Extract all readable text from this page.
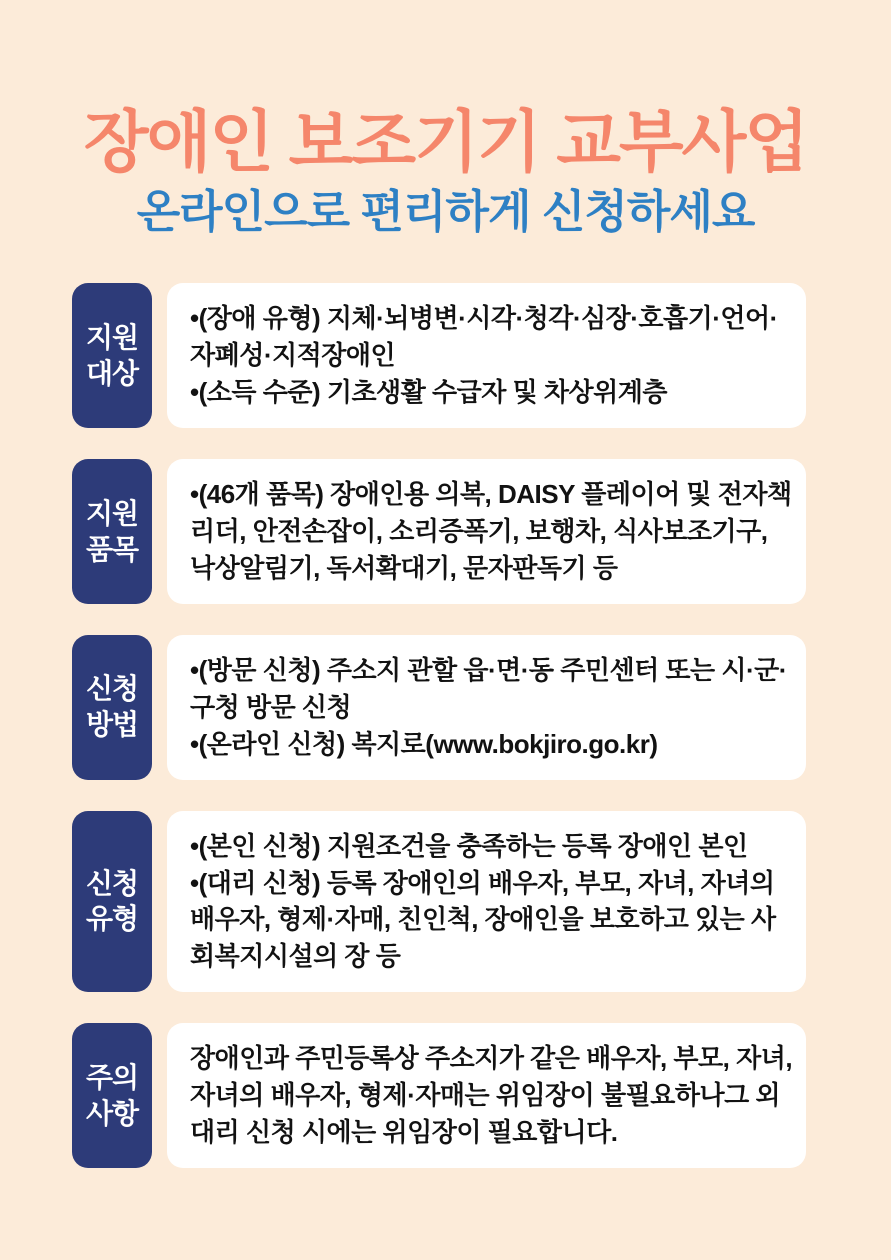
장애인 보조기기 교부사업
온라인으로 편리하게 신청하세요
지원
대상

•(장애 유형) 지체·뇌병변·시각·청각·심장·호흡기·언어·자폐성·지적장애인

•(소득 수준) 기초생활 수급자 및 차상위계층

지원
품목

•(46개 품목) 장애인용 의복, DAISY 플레이어 및 전자책 리더, 안전손잡이, 소리증폭기, 보행차, 식사보조기구, 낙상알림기, 독서확대기, 문자판독기 등

신청
방법

•(방문 신청) 주소지 관할 읍·면·동 주민센터 또는 시·군·구청 방문 신청

•(온라인 신청) 복지로(www.bokjiro.go.kr)

신청
유형

•(본인 신청) 지원조건을 충족하는 등록 장애인 본인

•(대리 신청) 등록 장애인의 배우자, 부모, 자녀, 자녀의 배우자, 형제·자매, 친인척, 장애인을 보호하고 있는 사회복지시설의 장 등

주의
사항

장애인과 주민등록상 주소지가 같은 배우자, 부모, 자녀, 자녀의 배우자, 형제·자매는 위임장이 불필요하나그 외 대리 신청 시에는 위임장이 필요합니다.
